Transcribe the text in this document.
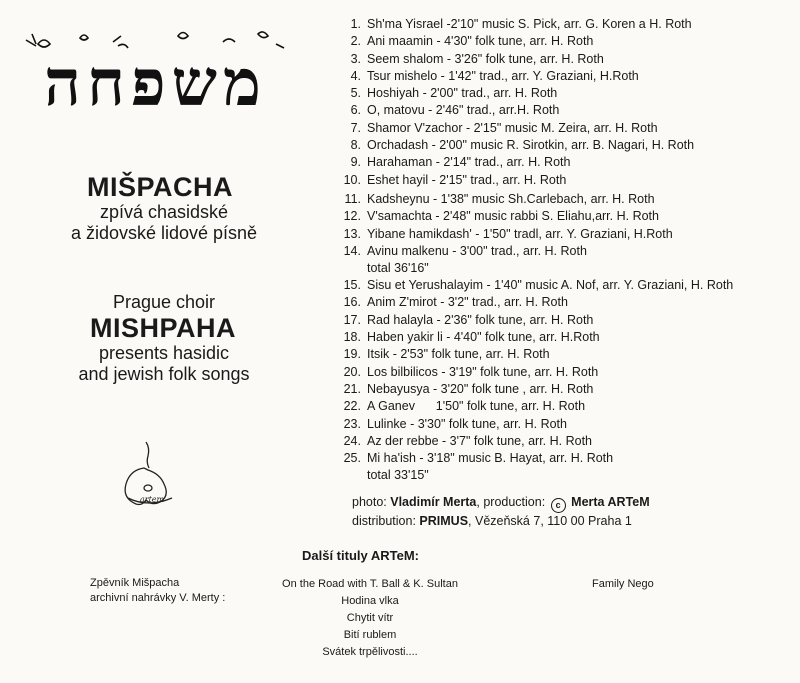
משפחה
MIŠPACHA
zpívá chasidské
a židovské lidové písně
Prague choir
MISHPAHA
presents hasidic
and jewish folk songs
artem
1. Sh'ma Yisrael -2'10" music S. Pick, arr. G. Koren a H. Roth
2. Ani maamin - 4'30" folk tune, arr. H. Roth
3. Seem shalom - 3'26" folk tune, arr. H. Roth
4. Tsur mishelo - 1'42" trad., arr. Y. Graziani, H.Roth
5. Hoshiyah - 2'00" trad., arr. H. Roth
6. O, matovu - 2'46" trad., arr.H. Roth
7. Shamor V'zachor - 2'15" music M. Zeira, arr. H. Roth
8. Orchadash - 2'00" music R. Sirotkin, arr. B. Nagari, H. Roth
9. Harahaman - 2'14" trad., arr. H. Roth
10. Eshet hayil - 2'15" trad., arr. H. Roth
11. Kadsheynu - 1'38" music Sh.Carlebach, arr. H. Roth
12. V'samachta - 2'48" music rabbi S. Eliahu,arr. H. Roth
13. Yibane hamikdash' - 1'50" tradl, arr. Y. Graziani, H.Roth
14. Avinu malkenu - 3'00" trad., arr. H. Roth
total 36'16"
15. Sisu et Yerushalayim - 1'40" music A. Nof, arr. Y. Graziani, H. Roth
16. Anim Z'mirot - 3'2" trad., arr. H. Roth
17. Rad halayla - 2'36" folk tune, arr. H. Roth
18. Haben yakir li - 4'40" folk tune, arr. H.Roth
19. Itsik - 2'53" folk tune, arr. H. Roth
20. Los bilbilicos - 3'19" folk tune, arr. H. Roth
21. Nebayusya - 3'20" folk tune , arr. H. Roth
22. A Ganev      1'50" folk tune, arr. H. Roth
23. Lulinke - 3'30" folk tune, arr. H. Roth
24. Az der rebbe - 3'7" folk tune, arr. H. Roth
25. Mi ha'ish - 3'18" music B. Hayat, arr. H. Roth
total 33'15"
photo: Vladimír Merta, production: c Merta ARTeM
distribution: PRIMUS, Vězeňská 7, 110 00 Praha 1
Další tituly ARTeM:
Zpěvník Mišpacha
archivní nahrávky V. Merty :
On the Road with T. Ball & K. Sultan
Hodina vlka
Chytit vítr
Bití rublem
Svátek trpělivosti....
Family Nego
